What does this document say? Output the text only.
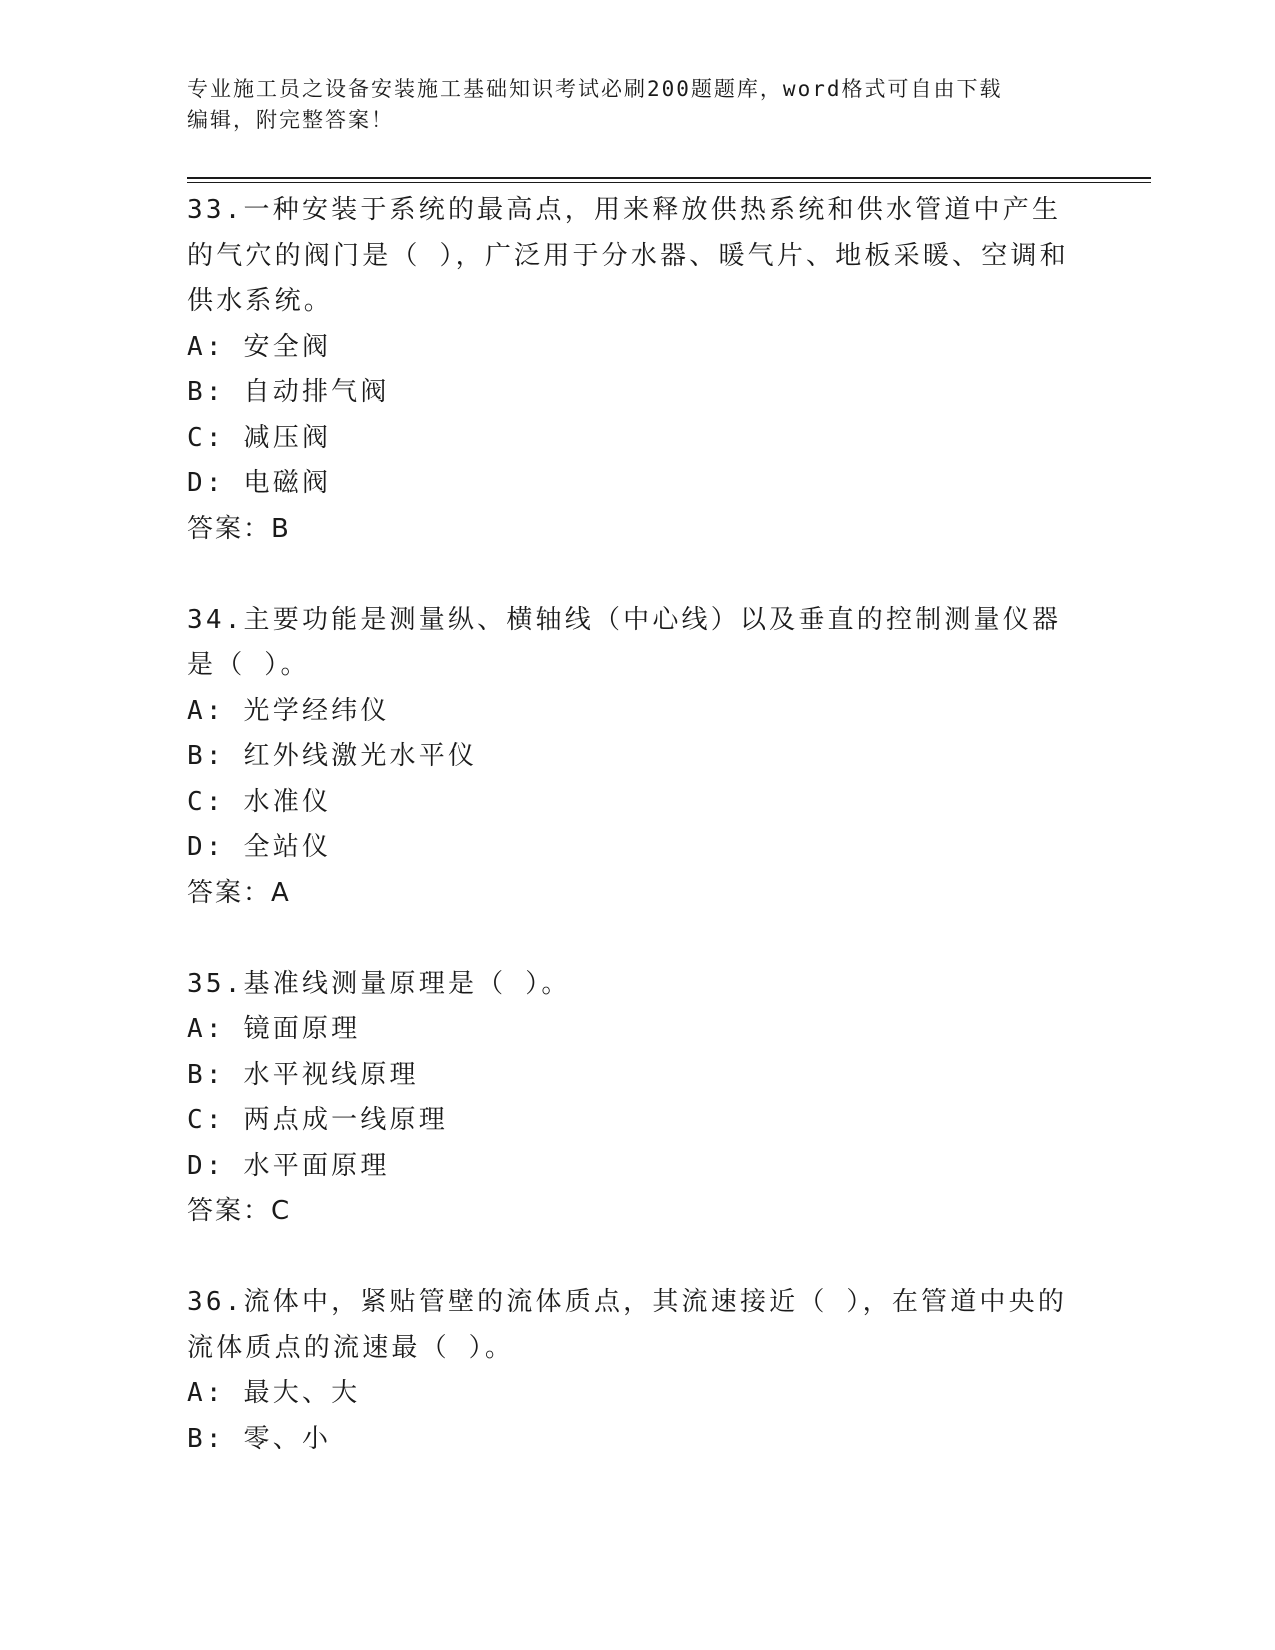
专业施工员之设备安装施工基础知识考试必刷200题题库，word格式可自由下载
编辑，附完整答案！

33.一种安装于系统的最高点，用来释放供热系统和供水管道中产生的气穴的阀门是（ ），广泛用于分水器、暖气片、地板采暖、空调和供水系统。

A: 安全阀

B: 自动排气阀

C: 减压阀

D: 电磁阀

答案：B

34.主要功能是测量纵、横轴线（中心线）以及垂直的控制测量仪器是（ ）。

A: 光学经纬仪

B: 红外线激光水平仪

C: 水准仪

D: 全站仪

答案：A

35.基准线测量原理是（ ）。

A: 镜面原理

B: 水平视线原理

C: 两点成一线原理

D: 水平面原理

答案：C

36.流体中，紧贴管壁的流体质点，其流速接近（ ），在管道中央的流体质点的流速最（ ）。

A: 最大、大

B: 零、小
